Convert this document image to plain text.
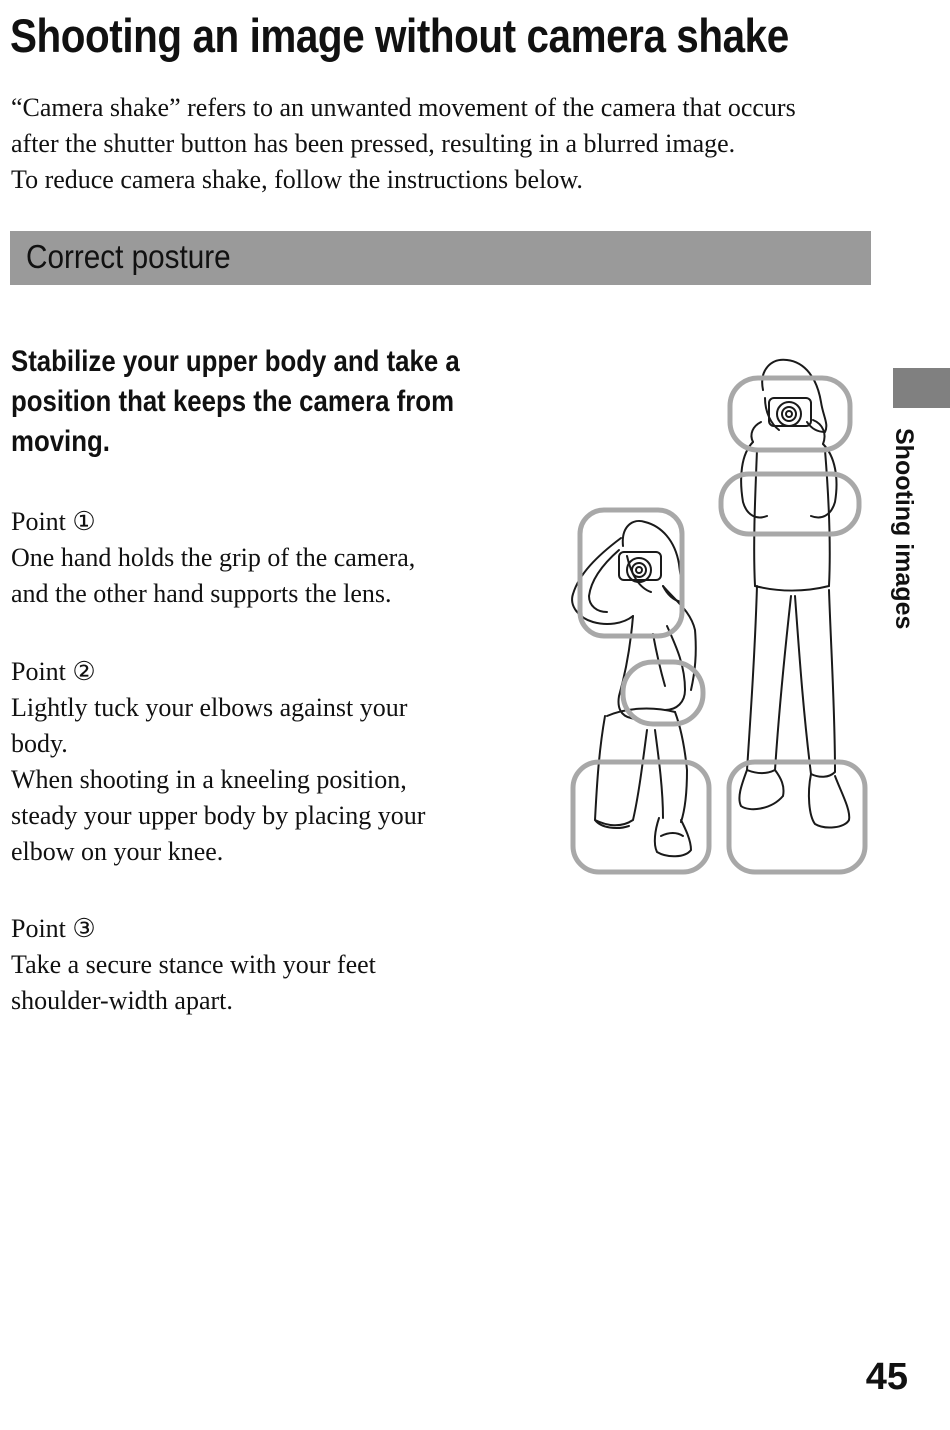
Shooting an image without camera shake

“Camera shake” refers to an unwanted movement of the camera that occurs
after the shutter button has been pressed, resulting in a blurred image.
To reduce camera shake, follow the instructions below.

Correct posture
Stabilize your upper body and take a position that keeps the camera from moving.
Point ①
One hand holds the grip of the camera,
and the other hand supports the lens.
Point ②
Lightly tuck your elbows against your
body.
When shooting in a kneeling position,
steady your upper body by placing your
elbow on your knee.
Point ③
Take a secure stance with your feet
shoulder-width apart.
Shooting images
45
